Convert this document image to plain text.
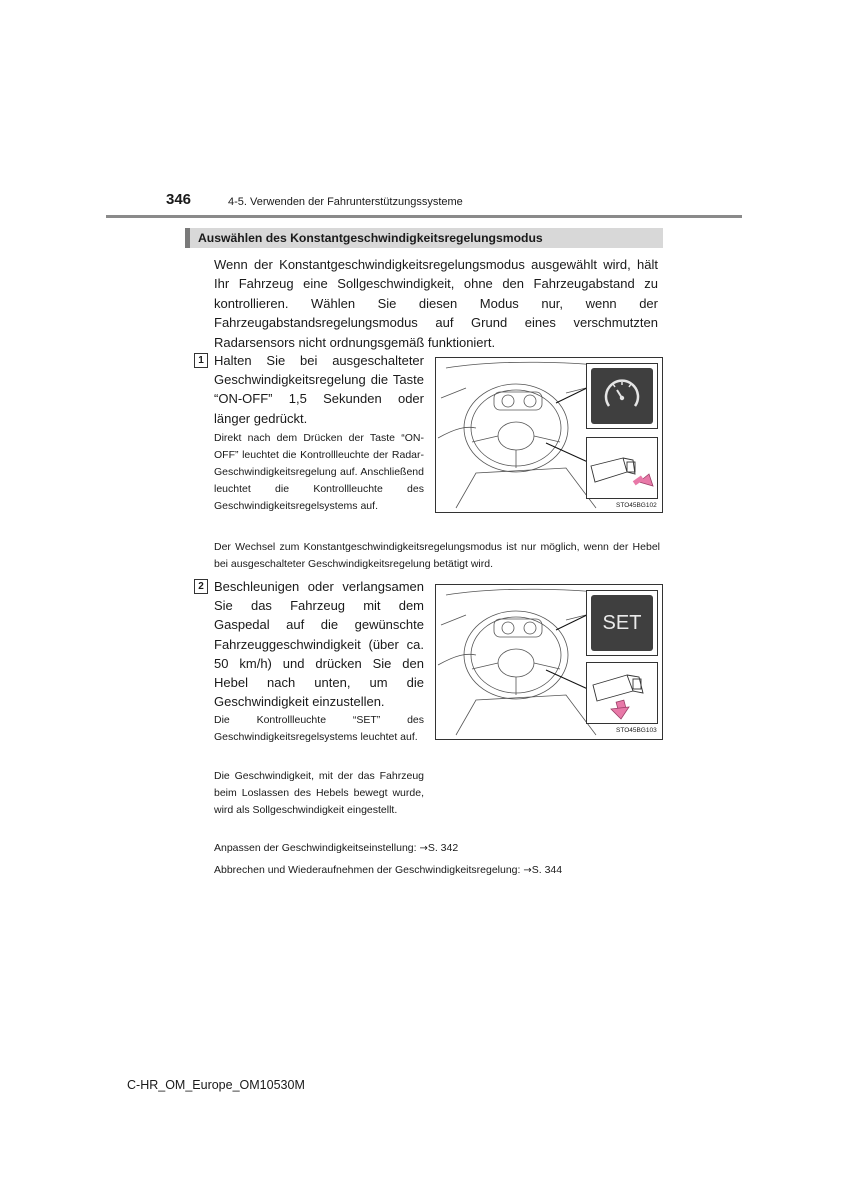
346	4-5. Verwenden der Fahrunterstützungssysteme
Auswählen des Konstantgeschwindigkeitsregelungsmodus
Wenn der Konstantgeschwindigkeitsregelungsmodus ausgewählt wird, hält Ihr Fahrzeug eine Sollgeschwindigkeit, ohne den Fahrzeugabstand zu kontrollieren. Wählen Sie diesen Modus nur, wenn der Fahrzeugabstandsregelungsmodus auf Grund eines verschmutzten Radarsensors nicht ordnungsgemäß funktioniert.
1 Halten Sie bei ausgeschalteter Geschwindigkeitsregelung die Taste “ON-OFF” 1,5 Sekunden oder länger gedrückt.
Direkt nach dem Drücken der Taste “ON-OFF” leuchtet die Kontrollleuchte der Radar-Geschwindigkeitsregelung auf. Anschließend leuchtet die Kontrollleuchte des Geschwindigkeitsregelsystems auf.	STO45BG102
Der Wechsel zum Konstantgeschwindigkeitsregelungsmodus ist nur möglich, wenn der Hebel bei ausgeschalteter Geschwindigkeitsregelung betätigt wird.
2 Beschleunigen oder verlangsamen Sie das Fahrzeug mit dem Gaspedal auf die gewünschte Fahrzeuggeschwindigkeit (über ca. 50 km/h) und drücken Sie den Hebel nach unten, um die Geschwindigkeit einzustellen.
Die Kontrollleuchte “SET” des Geschwindigkeitsregelsystems leuchtet auf.
Die Geschwindigkeit, mit der das Fahrzeug beim Loslassen des Hebels bewegt wurde, wird als Sollgeschwindigkeit eingestellt.
SET
STO45BG103
Anpassen der Geschwindigkeitseinstellung: →S. 342
Abbrechen und Wiederaufnehmen der Geschwindigkeitsregelung: →S. 344
C-HR_OM_Europe_OM10530M
